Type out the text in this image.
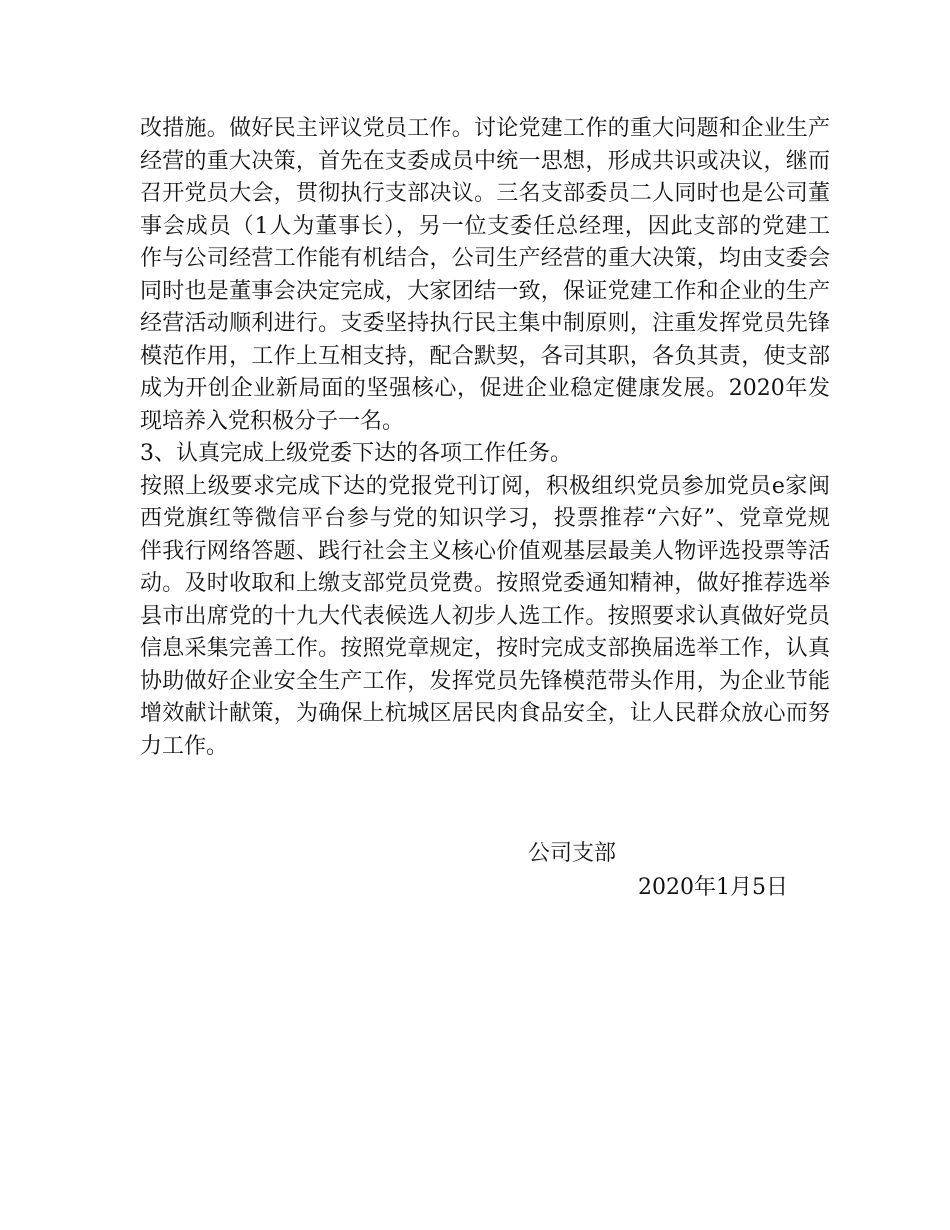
改措施。做好民主评议党员工作。讨论党建工作的重大问题和企业生产
经营的重大决策，首先在支委成员中统一思想，形成共识或决议，继而
召开党员大会，贯彻执行支部决议。三名支部委员二人同时也是公司董
事会成员（1人为董事长），另一位支委任总经理，因此支部的党建工
作与公司经营工作能有机结合，公司生产经营的重大决策，均由支委会
同时也是董事会决定完成，大家团结一致，保证党建工作和企业的生产
经营活动顺利进行。支委坚持执行民主集中制原则，注重发挥党员先锋
模范作用，工作上互相支持，配合默契，各司其职，各负其责，使支部
成为开创企业新局面的坚强核心，促进企业稳定健康发展。2020年发
现培养入党积极分子一名。
3、认真完成上级党委下达的各项工作任务。
按照上级要求完成下达的党报党刊订阅，积极组织党员参加党员e家闽
西党旗红等微信平台参与党的知识学习，投票推荐“六好”、党章党规
伴我行网络答题、践行社会主义核心价值观基层最美人物评选投票等活
动。及时收取和上缴支部党员党费。按照党委通知精神，做好推荐选举
县市出席党的十九大代表候选人初步人选工作。按照要求认真做好党员
信息采集完善工作。按照党章规定，按时完成支部换届选举工作，认真
协助做好企业安全生产工作，发挥党员先锋模范带头作用，为企业节能
增效献计献策，为确保上杭城区居民肉食品安全，让人民群众放心而努
力工作。
公司支部
2020年1月5日
